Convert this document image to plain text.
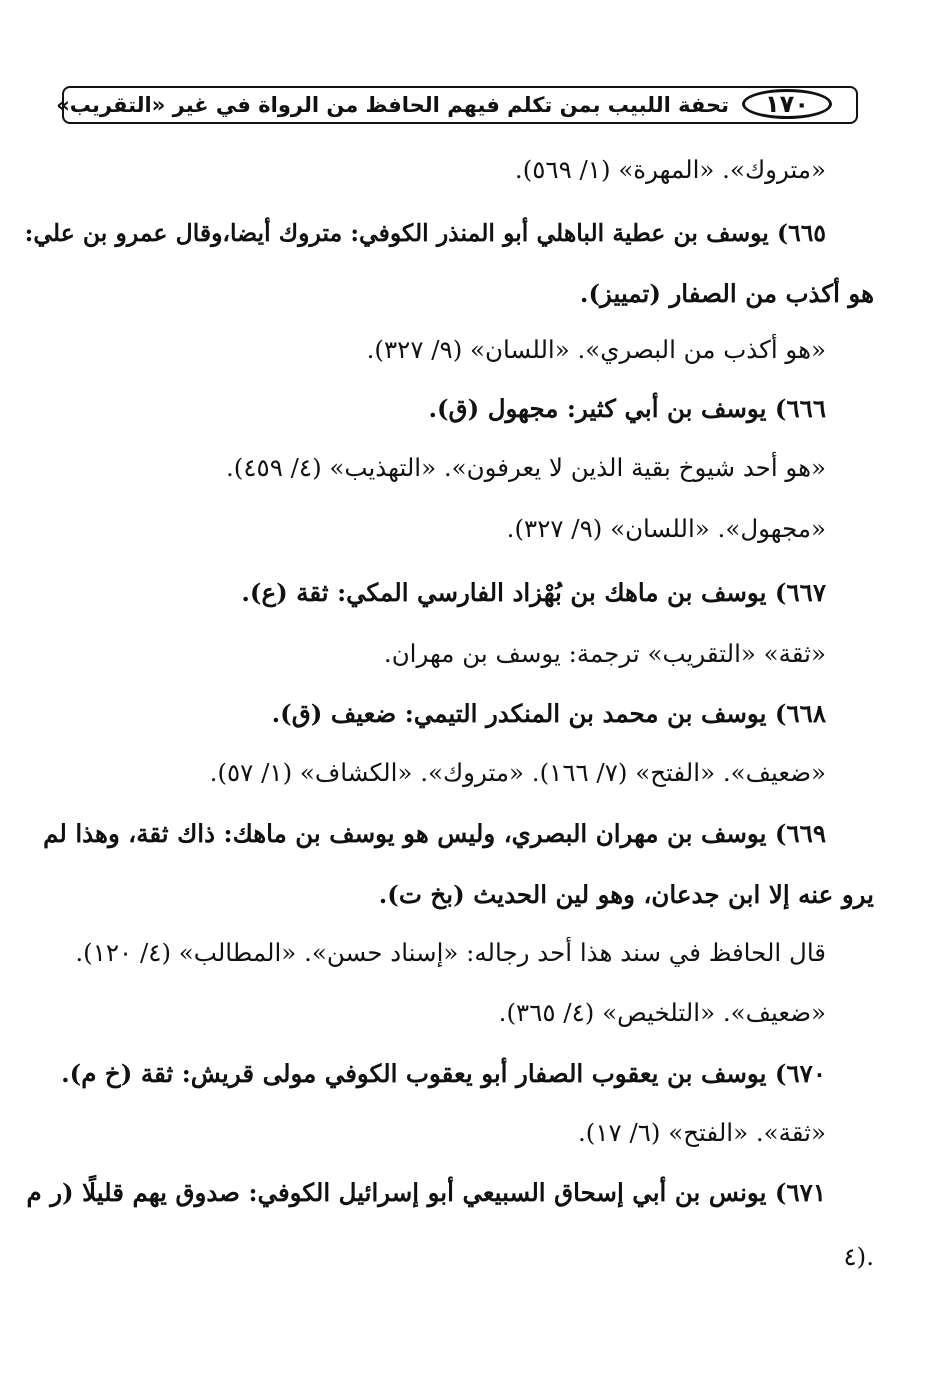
١٧٠
تحفة اللبيب بمن تكلم فيهم الحافظ من الرواة في غير «التقريب»
«متروك». «المهرة» (١/ ٥٦٩).
٦٦٥) يوسف بن عطية الباهلي أبو المنذر الكوفي: متروك أيضا،وقال عمرو بن علي:
هو أكذب من الصفار (تمييز).
«هو أكذب من البصري». «اللسان» (٩/ ٣٢٧).
٦٦٦) يوسف بن أبي كثير: مجهول (ق).
«هو أحد شيوخ بقية الذين لا يعرفون». «التهذيب» (٤/ ٤٥٩).
«مجهول». «اللسان» (٩/ ٣٢٧).
٦٦٧) يوسف بن ماهك بن بُهْزاد الفارسي المكي: ثقة (ع).
«ثقة» «التقريب» ترجمة: يوسف بن مهران.
٦٦٨) يوسف بن محمد بن المنكدر التيمي: ضعيف (ق).
«ضعيف». «الفتح» (٧/ ١٦٦). «متروك». «الكشاف» (١/ ٥٧).
٦٦٩) يوسف بن مهران البصري، وليس هو يوسف بن ماهك: ذاك ثقة، وهذا لم
يرو عنه إلا ابن جدعان، وهو لين الحديث (بخ ت).
قال الحافظ في سند هذا أحد رجاله: «إسناد حسن». «المطالب» (٤/ ١٢٠).
«ضعيف». «التلخيص» (٤/ ٣٦٥).
٦٧٠) يوسف بن يعقوب الصفار أبو يعقوب الكوفي مولى قريش: ثقة (خ م).
«ثقة». «الفتح» (٦/ ١٧).
٦٧١) يونس بن أبي إسحاق السبيعي أبو إسرائيل الكوفي: صدوق يهم قليلًا (ر م
٤).
